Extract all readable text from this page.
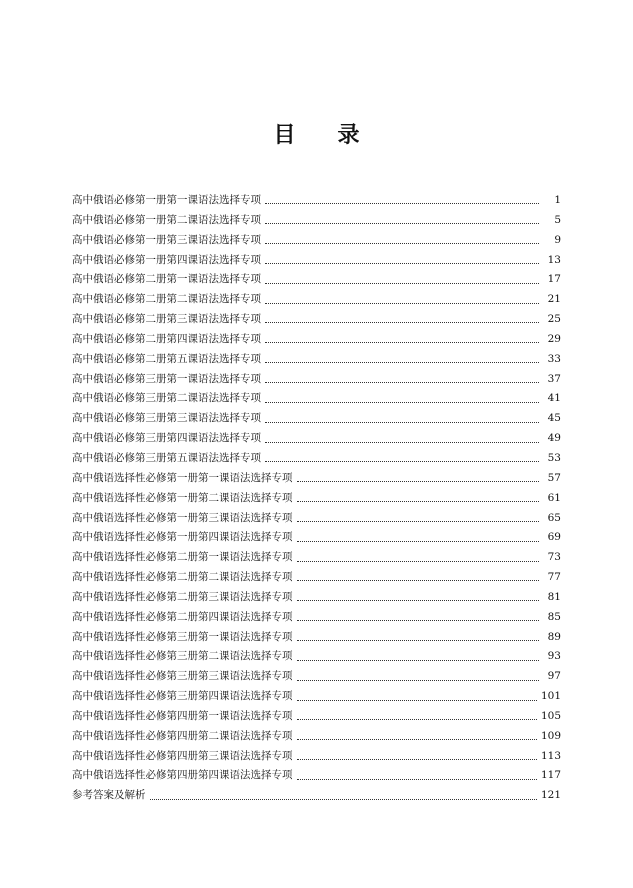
目 录
高中俄语必修第一册第一课语法选择专项	1
高中俄语必修第一册第二课语法选择专项	5
高中俄语必修第一册第三课语法选择专项	9
高中俄语必修第一册第四课语法选择专项	13
高中俄语必修第二册第一课语法选择专项	17
高中俄语必修第二册第二课语法选择专项	21
高中俄语必修第二册第三课语法选择专项	25
高中俄语必修第二册第四课语法选择专项	29
高中俄语必修第二册第五课语法选择专项	33
高中俄语必修第三册第一课语法选择专项	37
高中俄语必修第三册第二课语法选择专项	41
高中俄语必修第三册第三课语法选择专项	45
高中俄语必修第三册第四课语法选择专项	49
高中俄语必修第三册第五课语法选择专项	53
高中俄语选择性必修第一册第一课语法选择专项	57
高中俄语选择性必修第一册第二课语法选择专项	61
高中俄语选择性必修第一册第三课语法选择专项	65
高中俄语选择性必修第一册第四课语法选择专项	69
高中俄语选择性必修第二册第一课语法选择专项	73
高中俄语选择性必修第二册第二课语法选择专项	77
高中俄语选择性必修第二册第三课语法选择专项	81
高中俄语选择性必修第二册第四课语法选择专项	85
高中俄语选择性必修第三册第一课语法选择专项	89
高中俄语选择性必修第三册第二课语法选择专项	93
高中俄语选择性必修第三册第三课语法选择专项	97
高中俄语选择性必修第三册第四课语法选择专项	101
高中俄语选择性必修第四册第一课语法选择专项	105
高中俄语选择性必修第四册第二课语法选择专项	109
高中俄语选择性必修第四册第三课语法选择专项	113
高中俄语选择性必修第四册第四课语法选择专项	117
参考答案及解析	121
